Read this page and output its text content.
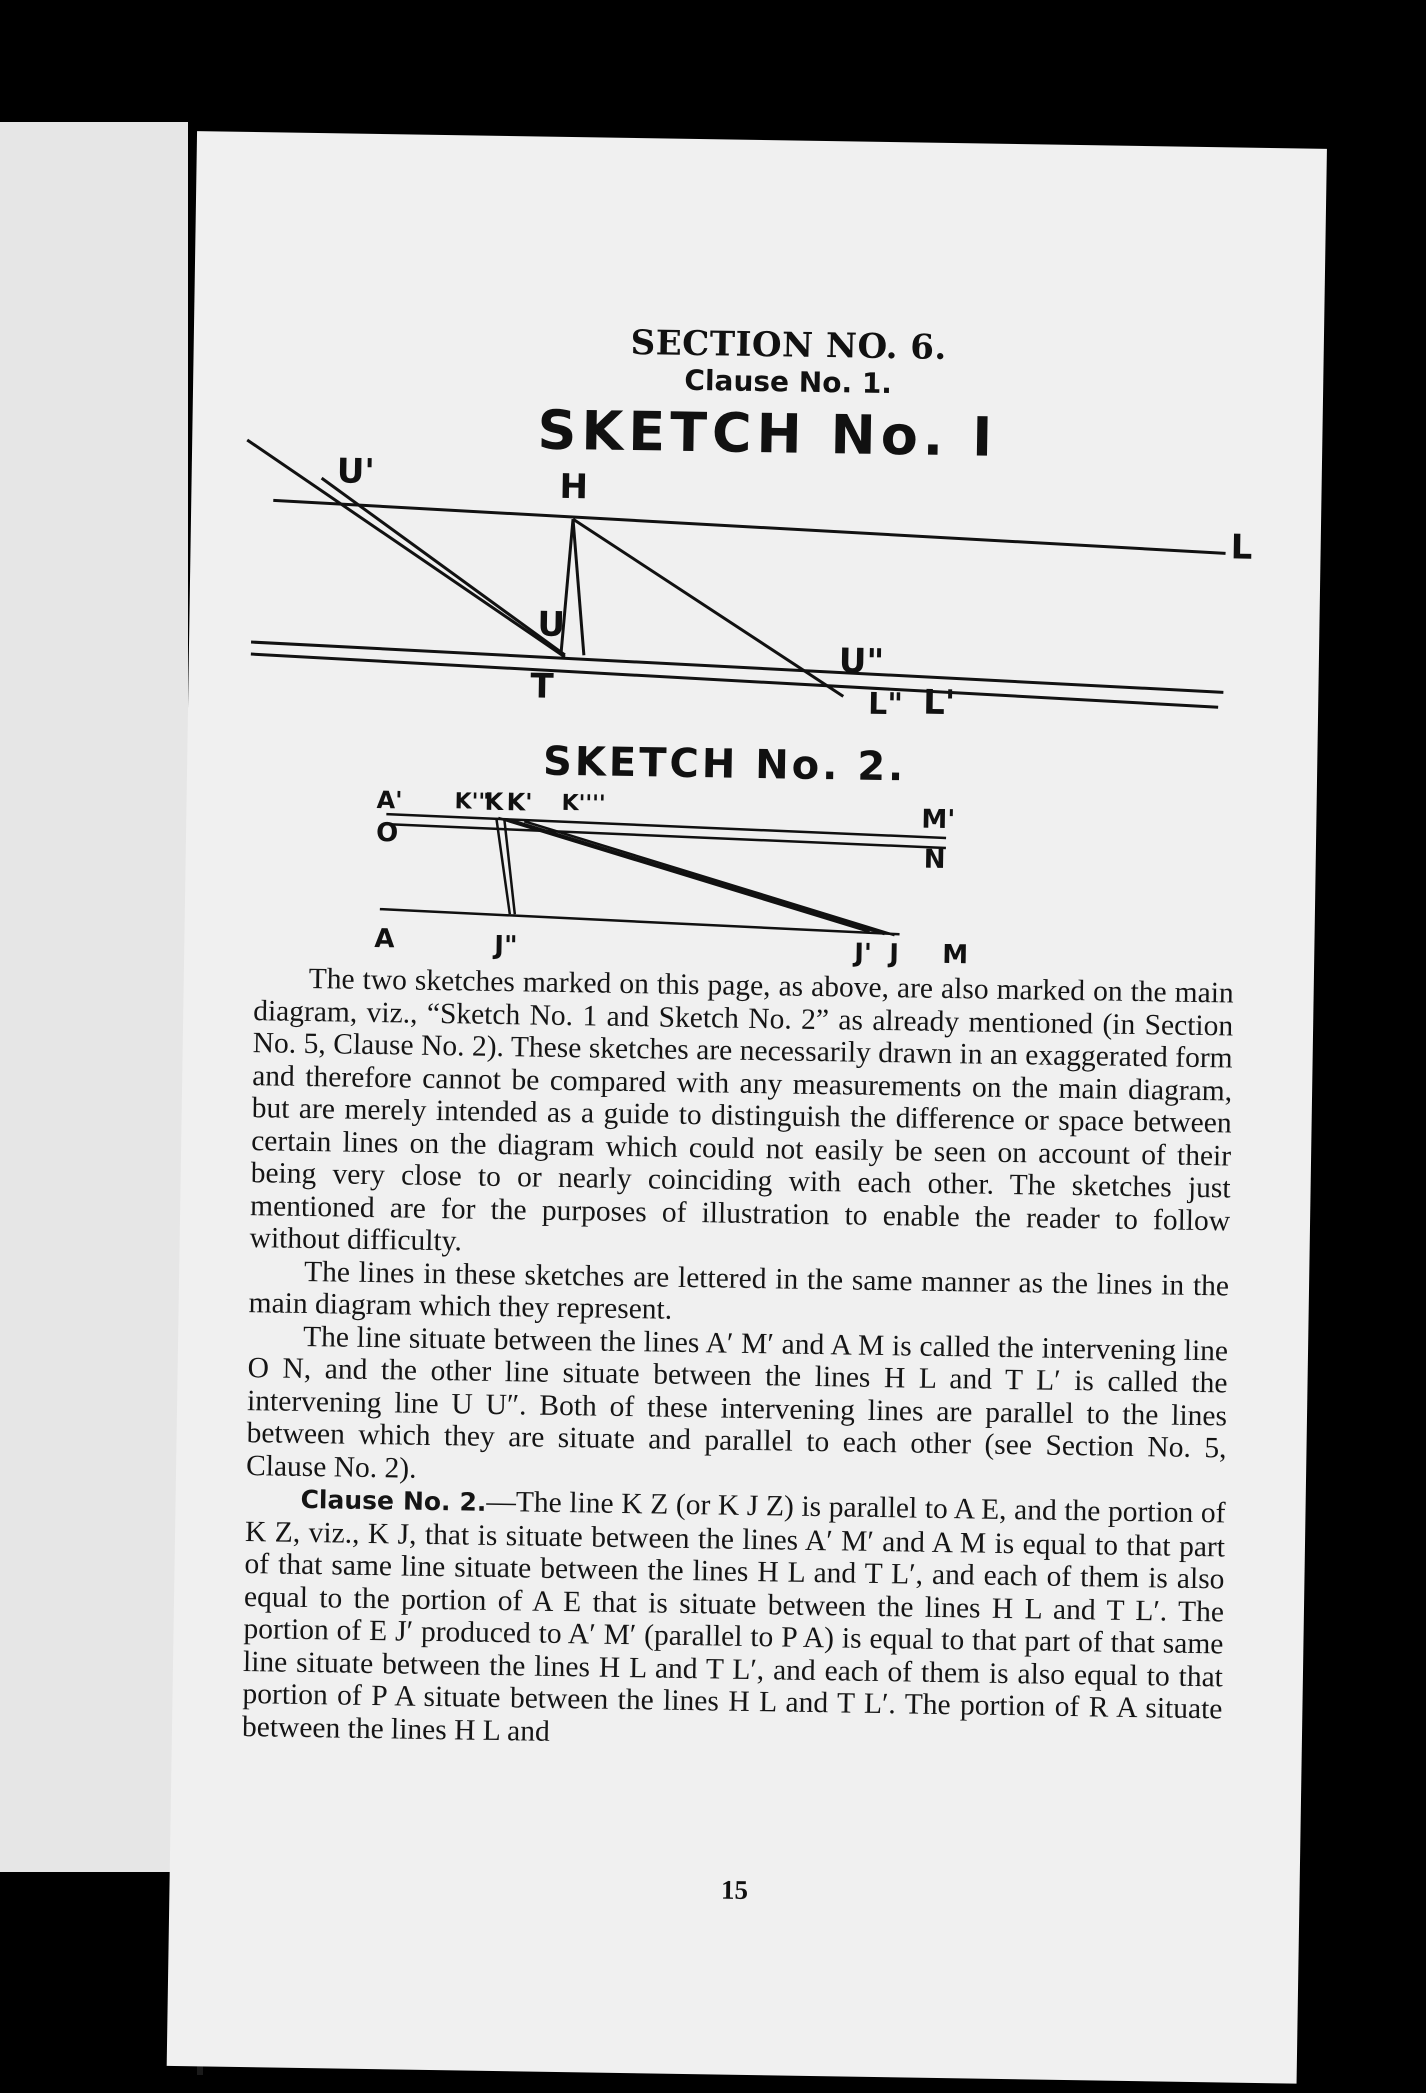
SECTION NO. 6.
Clause No. 1.
SKETCH No. I
U'	H
L
U
U"
T	L" L'
SKETCH No. 2.
A' K'"
K K' K''''
M'
O
N
A	J"	J' J M

The two sketches marked on this page, as above, are also marked on the main diagram, viz., “Sketch No. 1 and Sketch No. 2” as already mentioned (in Section No. 5, Clause No. 2). These sketches are necessarily drawn in an exaggerated form and therefore cannot be compared with any measurements on the main diagram, but are merely intended as a guide to distinguish the difference or space between certain lines on the diagram which could not easily be seen on account of their being very close to or nearly coinciding with each other. The sketches just mentioned are for the purposes of illustration to enable the reader to follow without difficulty.

The lines in these sketches are lettered in the same manner as the lines in the main diagram which they represent.

The line situate between the lines A′ M′ and A M is called the intervening line O N, and the other line situate between the lines H L and T L′ is called the intervening line U U″. Both of these intervening lines are parallel to the lines between which they are situate and parallel to each other (see Section No. 5, Clause No. 2).

Clause No. 2.—The line K Z (or K J Z) is parallel to A E, and the portion of K Z, viz., K J, that is situate between the lines A′ M′ and A M is equal to that part of that same line situate between the lines H L and T L′, and each of them is also equal to the portion of A E that is situate between the lines H L and T L′. The portion of E J′ produced to A′ M′ (parallel to P A) is equal to that part of that same line situate between the lines H L and T L′, and each of them is also equal to that portion of P A situate between the lines H L and T L′. The portion of R A situate between the lines H L and

15
